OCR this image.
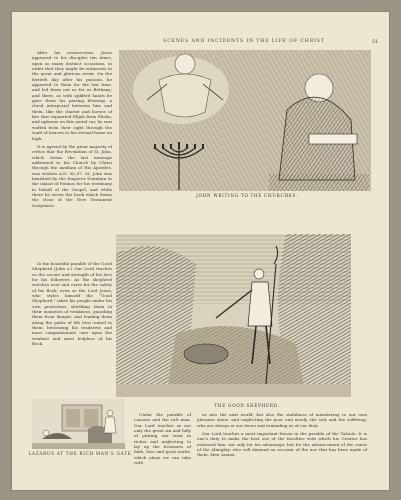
SCENES AND INCIDENTS IN THE LIFE OF CHRIST	51
JOHN WRITING TO THE CHURCHES.
THE GOOD SHEPHERD.
LAZARUS AT THE RICH MAN’S GATE.

After his resurrection, Jesus appeared to his disciples ten times, upon as many distinct occasions, in order that they might be witnesses to the great and glorious event. On the fortieth day after his passion, he appeared to them for the last time, and led them out as far as Bethany; and there, as with uplifted hands he gave them his parting blessing, a cloud interposed between him and them, like the chariot and horses of fire that separated Elijah from Elisha; and upborne on this aerial car, he was wafted from their sight through the vault of heaven to his eternal home on high.

It is agreed by the great majority of critics that the Revelation of St. John, which forms the last message addressed to his Church by Christ through the medium of His Apostles, was written A.D. 95–97. St. John was banished by the Emperor Domitian to the island of Patmos for his testimony in behalf of the Gospel, and while there he wrote the book which forms the close of the New Testament Scriptures.

In the beautiful parable of the Good Shepherd (John x.) Our Lord teaches us the secure and strength of his love for his followers. As the shepherd watches over and cares for the safety of his flock, even so the Lord Jesus, who styles himself the “Good Shepherd,” takes his people under his own protection, shielding them in their moments of weakness, guarding them from danger, and leading them along the paths of life best suited to them, bestowing his tenderest and most compassionate care upon the weakest and most helpless of his flock.

Under the parable of Lazarus and the rich man, Our Lord teaches us not only the great sin and folly of putting our trust in riches and neglecting to lay up the treasures of faith, love and good works, which alone we can take with

us into the next world; but also the sinfulness of ministering to our own pleasure alone, and neglecting the poor and needy, the sick and the suffering, who are always at our doors and reminding us of our duty.

Our Lord teaches a most important lesson in the parable of the Talents. It is one’s duty to make the best use of the faculties with which his Creator has endowed him, not only for his advantage, but for the advancement of the cause of the Almighty, who will demand an account of the use that has been made of them. Men cannot
